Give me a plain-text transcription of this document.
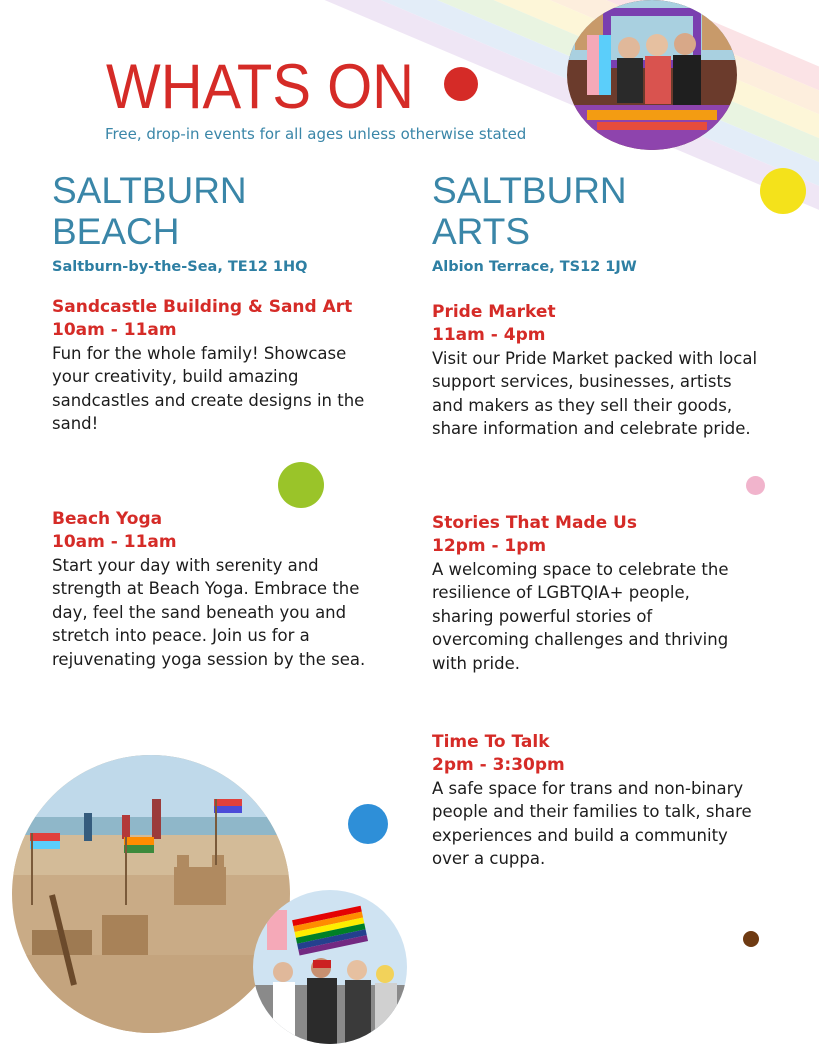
WHATS ON
Free, drop-in events for all ages unless otherwise stated
SALTBURN
BEACH
Saltburn-by-the-Sea, TE12 1HQ
Sandcastle Building & Sand Art
10am - 11am
Fun for the whole family! Showcase your creativity, build amazing sandcastles and create designs in the sand!
Beach Yoga
10am - 11am
Start your day with serenity and strength at Beach Yoga. Embrace the day, feel the sand beneath you and stretch into peace. Join us for a rejuvenating yoga session by the sea.
SALTBURN
ARTS
Albion Terrace, TS12 1JW
Pride Market
11am - 4pm
Visit our Pride Market packed with local support services, businesses, artists and makers as they sell their goods, share information and celebrate pride.
Stories That Made Us
12pm - 1pm
A welcoming space to celebrate the resilience of LGBTQIA+ people, sharing powerful stories of overcoming challenges and thriving with pride.
Time To Talk
2pm - 3:30pm
A safe space for trans and non-binary people and their families to talk, share experiences and build a community over a cuppa.
